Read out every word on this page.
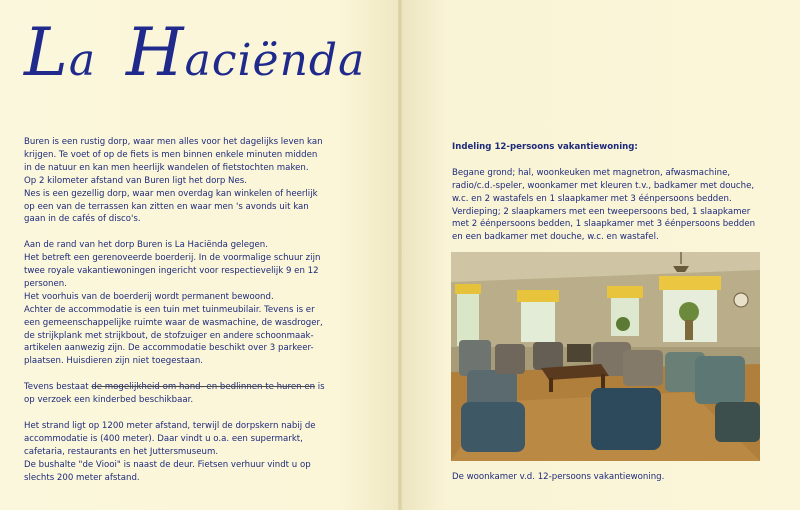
La Haciënda

Buren is een rustig dorp, waar men alles voor het dagelijks leven kan

krijgen. Te voet of op de fiets is men binnen enkele minuten midden

in de natuur en kan men heerlijk wandelen of fietstochten maken.

Op 2 kilometer afstand van Buren ligt het dorp Nes.

Nes is een gezellig dorp, waar men overdag kan winkelen of heerlijk

op een van de terrassen kan zitten en waar men 's avonds uit kan

gaan in de cafés of disco's.

Aan de rand van het dorp Buren is La Haciënda gelegen.

Het betreft een gerenoveerde boerderij. In de voormalige schuur zijn

twee royale vakantiewoningen ingericht voor respectievelijk 9 en 12

personen.

Het voorhuis van de boerderij wordt permanent bewoond.

Achter de accommodatie is een tuin met tuinmeubilair. Tevens is er

een gemeenschappelijke ruimte waar de wasmachine, de wasdroger,

de strijkplank met strijkbout, de stofzuiger en andere schoonmaak-

artikelen aanwezig zijn. De accommodatie beschikt over 3 parkeer-

plaatsen. Huisdieren zijn niet toegestaan.

Tevens bestaat de mogelijkheid om hand- en bedlinnen te huren en is

op verzoek een kinderbed beschikbaar.

Het strand ligt op 1200 meter afstand, terwijl de dorpskern nabij de

accommodatie is (400 meter). Daar vindt u o.a. een supermarkt,

cafetaria, restaurants en het Juttersmuseum.

De bushalte "de Viooi" is naast de deur. Fietsen verhuur vindt u op

slechts 200 meter afstand.

Indeling 12-persoons vakantiewoning:

Begane grond; hal, woonkeuken met magnetron, afwasmachine,

radio/c.d.-speler, woonkamer met kleuren t.v., badkamer met douche,

w.c. en 2 wastafels en 1 slaapkamer met 3 éénpersoons bedden.

Verdieping; 2 slaapkamers met een tweepersoons bed, 1 slaapkamer

met 2 éénpersoons bedden, 1 slaapkamer met 3 éénpersoons bedden

en een badkamer met douche, w.c. en wastafel.

De woonkamer v.d. 12-persoons vakantiewoning.
